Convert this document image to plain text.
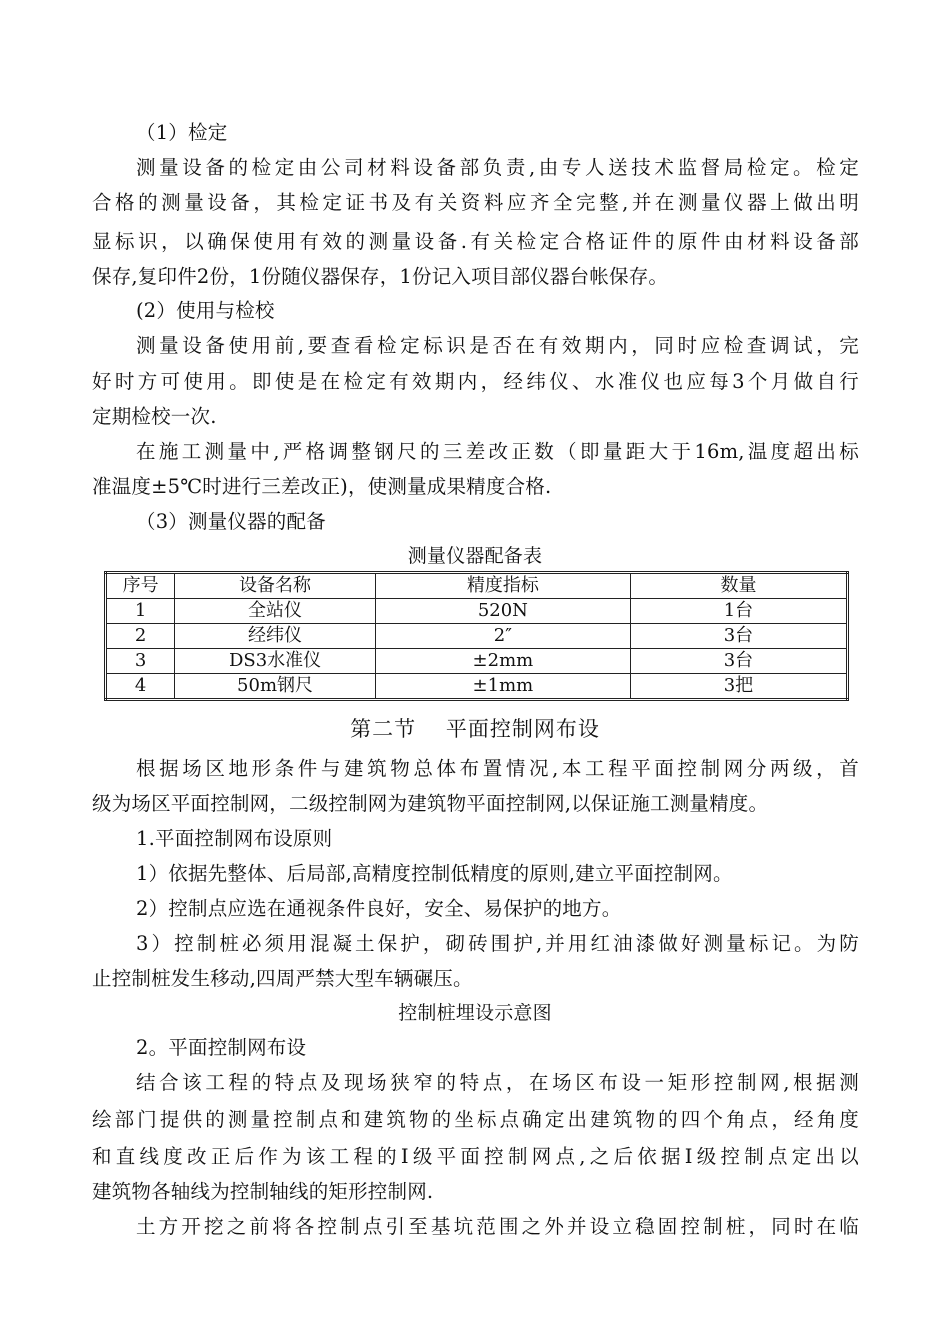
（1）检定
测量设备的检定由公司材料设备部负责,由专人送技术监督局检定。检定
合格的测量设备，其检定证书及有关资料应齐全完整,并在测量仪器上做出明
显标识，以确保使用有效的测量设备.有关检定合格证件的原件由材料设备部
保存,复印件2份，1份随仪器保存，1份记入项目部仪器台帐保存。
(2）使用与检校
测量设备使用前,要查看检定标识是否在有效期内，同时应检查调试，完
好时方可使用。即使是在检定有效期内，经纬仪、水准仪也应每3个月做自行
定期检校一次.
在施工测量中,严格调整钢尺的三差改正数（即量距大于16m,温度超出标
准温度±5℃时进行三差改正)，使测量成果精度合格.
（3）测量仪器的配备
测量仪器配备表
序号	设备名称	精度指标	数量
1	全站仪	520N	1台
2	经纬仪	2″	3台
3	DS3水准仪	±2mm	3台
4	50m钢尺	±1mm	3把
第二节　 平面控制网布设
根据场区地形条件与建筑物总体布置情况,本工程平面控制网分两级，首
级为场区平面控制网，二级控制网为建筑物平面控制网,以保证施工测量精度。
1.平面控制网布设原则
1）依据先整体、后局部,高精度控制低精度的原则,建立平面控制网。
2）控制点应选在通视条件良好，安全、易保护的地方。
3）控制桩必须用混凝土保护，砌砖围护,并用红油漆做好测量标记。为防
止控制桩发生移动,四周严禁大型车辆碾压。
控制桩埋设示意图
2。平面控制网布设
结合该工程的特点及现场狭窄的特点，在场区布设一矩形控制网,根据测
绘部门提供的测量控制点和建筑物的坐标点确定出建筑物的四个角点，经角度
和直线度改正后作为该工程的Ⅰ级平面控制网点,之后依据Ⅰ级控制点定出以
建筑物各轴线为控制轴线的矩形控制网.
土方开挖之前将各控制点引至基坑范围之外并设立稳固控制桩，同时在临
